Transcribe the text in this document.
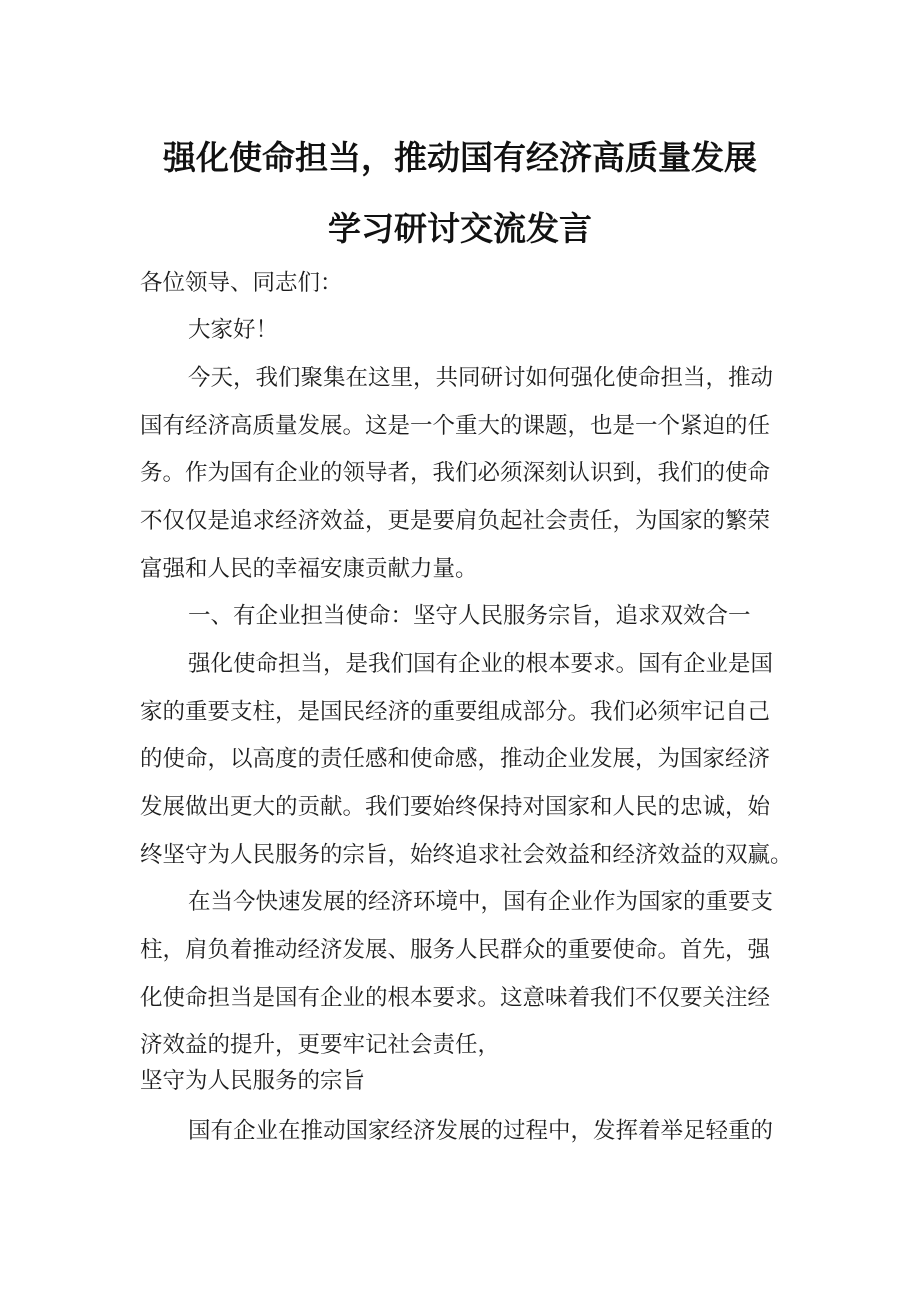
强化使命担当，推动国有经济高质量发展
学习研讨交流发言
各位领导、同志们：
大家好！
今天，我们聚集在这里，共同研讨如何强化使命担当，推动
国有经济高质量发展。这是一个重大的课题，也是一个紧迫的任
务。作为国有企业的领导者，我们必须深刻认识到，我们的使命
不仅仅是追求经济效益，更是要肩负起社会责任，为国家的繁荣
富强和人民的幸福安康贡献力量。
一、有企业担当使命：坚守人民服务宗旨，追求双效合一
强化使命担当，是我们国有企业的根本要求。国有企业是国
家的重要支柱，是国民经济的重要组成部分。我们必须牢记自己
的使命，以高度的责任感和使命感，推动企业发展，为国家经济
发展做出更大的贡献。我们要始终保持对国家和人民的忠诚，始
终坚守为人民服务的宗旨，始终追求社会效益和经济效益的双赢。
在当今快速发展的经济环境中，国有企业作为国家的重要支
柱，肩负着推动经济发展、服务人民群众的重要使命。首先，强
化使命担当是国有企业的根本要求。这意味着我们不仅要关注经
济效益的提升，更要牢记社会责任，
坚守为人民服务的宗旨
国有企业在推动国家经济发展的过程中，发挥着举足轻重的
